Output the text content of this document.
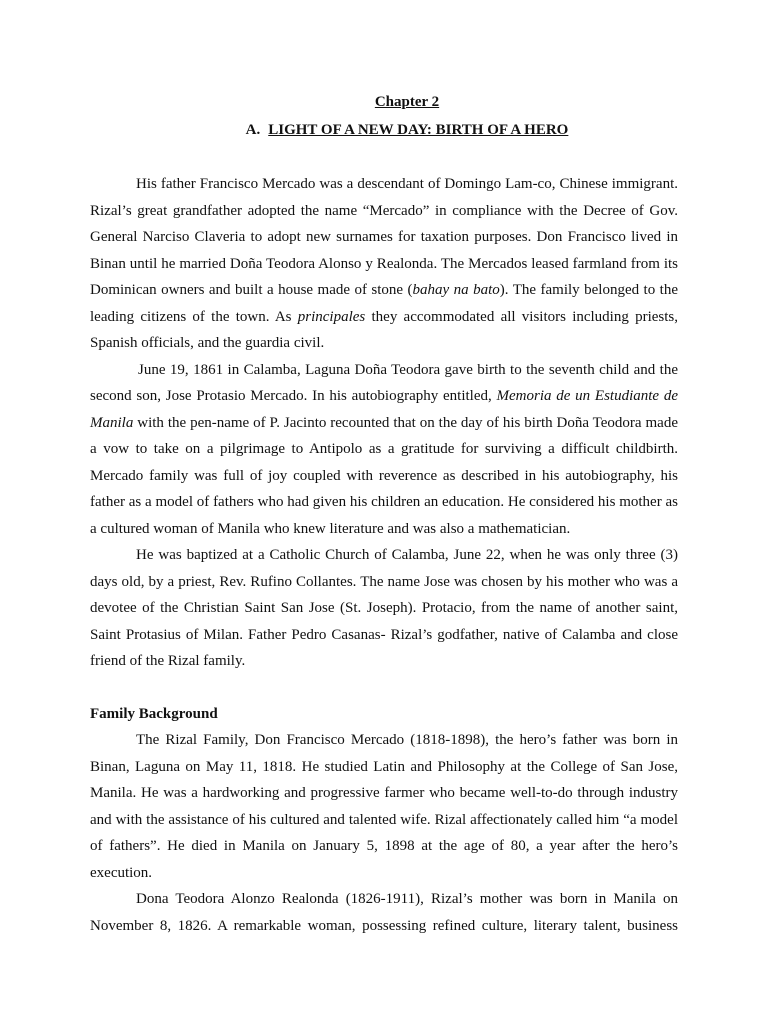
Chapter 2
A. LIGHT OF A NEW DAY: BIRTH OF A HERO

His father Francisco Mercado was a descendant of Domingo Lam-co, Chinese immigrant. Rizal’s great grandfather adopted the name “Mercado” in compliance with the Decree of Gov. General Narciso Claveria to adopt new surnames for taxation purposes. Don Francisco lived in Binan until he married Doña Teodora Alonso y Realonda. The Mercados leased farmland from its Dominican owners and built a house made of stone (bahay na bato). The family belonged to the leading citizens of the town. As principales they accommodated all visitors including priests, Spanish officials, and the guardia civil.

June 19, 1861 in Calamba, Laguna Doña Teodora gave birth to the seventh child and the second son, Jose Protasio Mercado. In his autobiography entitled, Memoria de un Estudiante de Manila with the pen-name of P. Jacinto recounted that on the day of his birth Doña Teodora made a vow to take on a pilgrimage to Antipolo as a gratitude for surviving a difficult childbirth. Mercado family was full of joy coupled with reverence as described in his autobiography, his father as a model of fathers who had given his children an education. He considered his mother as a cultured woman of Manila who knew literature and was also a mathematician.

He was baptized at a Catholic Church of Calamba, June 22, when he was only three (3) days old, by a priest, Rev. Rufino Collantes. The name Jose was chosen by his mother who was a devotee of the Christian Saint San Jose (St. Joseph). Protacio, from the name of another saint, Saint Protasius of Milan. Father Pedro Casanas- Rizal’s godfather, native of Calamba and close friend of the Rizal family.

Family Background

The Rizal Family, Don Francisco Mercado (1818-1898), the hero’s father was born in Binan, Laguna on May 11, 1818. He studied Latin and Philosophy at the College of San Jose, Manila. He was a hardworking and progressive farmer who became well-to-do through industry and with the assistance of his cultured and talented wife. Rizal affectionately called him “a model of fathers”. He died in Manila on January 5, 1898 at the age of 80, a year after the hero’s execution.

Dona Teodora Alonzo Realonda (1826-1911), Rizal’s mother was born in Manila on November 8, 1826. A remarkable woman, possessing refined culture, literary talent, business
